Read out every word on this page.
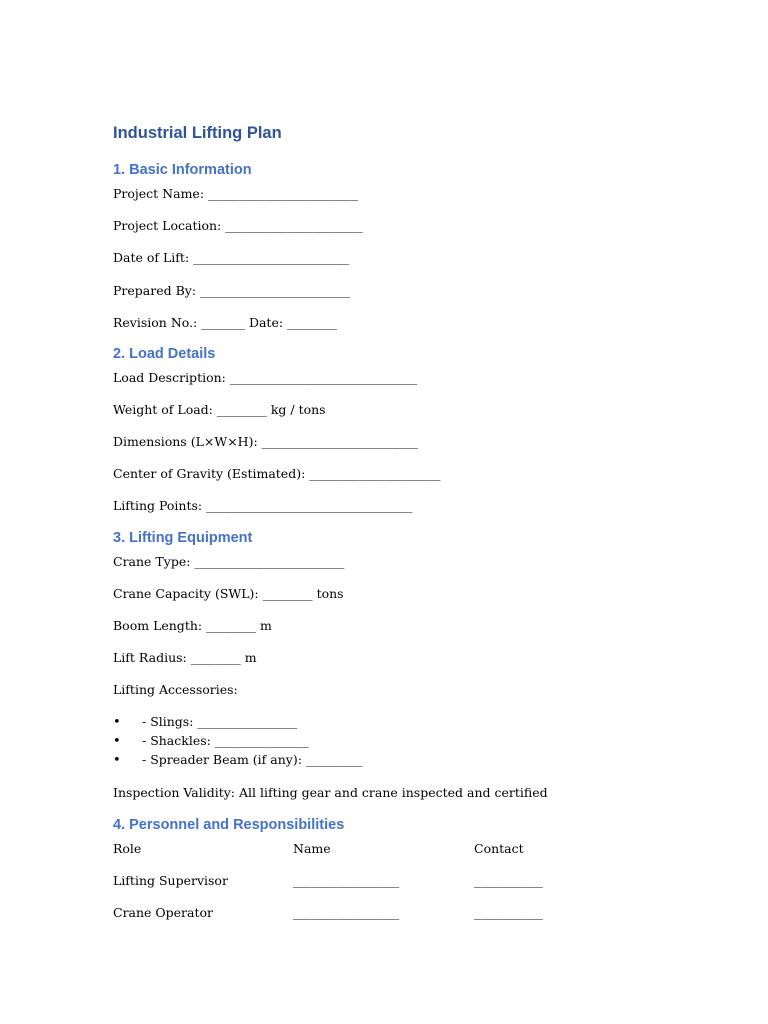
Industrial Lifting Plan
1. Basic Information

Project Name: ________________________

Project Location: ______________________

Date of Lift: _________________________

Prepared By: ________________________

Revision No.: _______ Date: ________

2. Load Details

Load Description: ______________________________

Weight of Load: ________ kg / tons

Dimensions (L×W×H): _________________________

Center of Gravity (Estimated): _____________________

Lifting Points: _________________________________

3. Lifting Equipment

Crane Type: ________________________

Crane Capacity (SWL): ________ tons

Boom Length: ________ m

Lift Radius: ________ m

Lifting Accessories:

• - Slings: ________________
• - Shackles: _______________
• - Spreader Beam (if any): _________

Inspection Validity: All lifting gear and crane inspected and certified

4. Personnel and Responsibilities
Role	Name	Contact
Lifting Supervisor	_________________	___________
Crane Operator	_________________	___________
